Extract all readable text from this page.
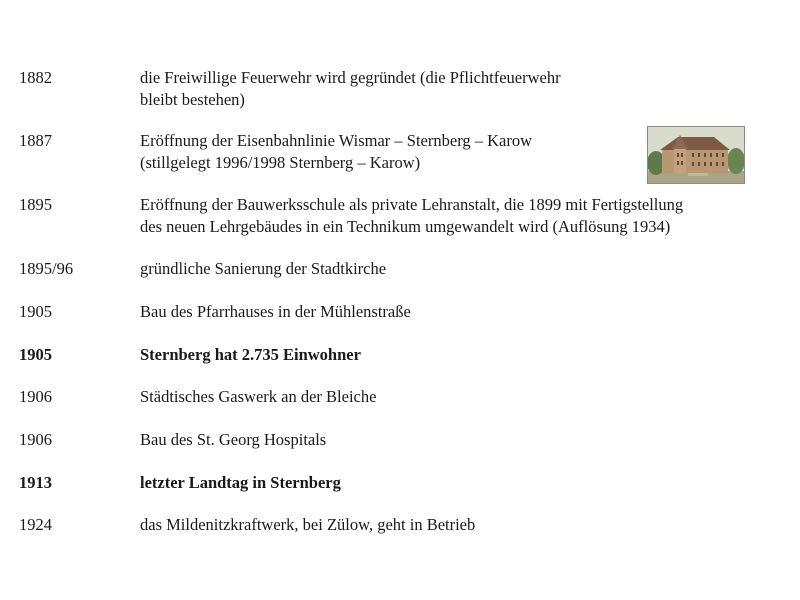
1882	die Freiwillige Feuerwehr wird gegründet (die Pflichtfeuerwehr
bleibt bestehen)
1887	Eröffnung der Eisenbahnlinie Wismar – Sternberg – Karow
(stillgelegt 1996/1998 Sternberg – Karow)
1895	Eröffnung der Bauwerksschule als private Lehranstalt, die 1899 mit Fertigstellung
des neuen Lehrgebäudes in ein Technikum umgewandelt wird (Auflösung 1934)
1895/96	gründliche Sanierung der Stadtkirche
1905	Bau des Pfarrhauses in der Mühlenstraße
1905	Sternberg hat 2.735 Einwohner
1906	Städtisches Gaswerk an der Bleiche
1906	Bau des St. Georg Hospitals
1913	letzter Landtag in Sternberg
1924	das Mildenitzkraftwerk, bei Zülow, geht in Betrieb
